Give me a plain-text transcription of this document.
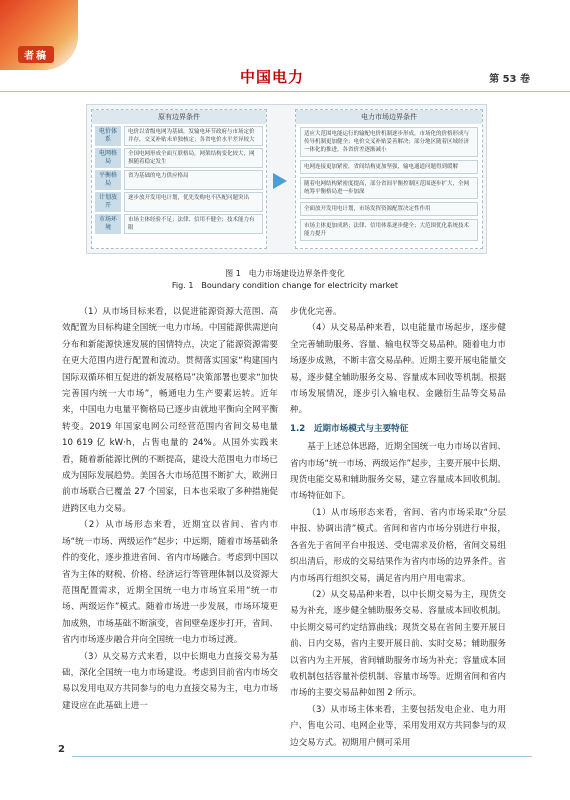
者稿
中国电力	第 53 卷
原有边界条件
电价体系
电价以省级电网为基础，发输电环节政府与市场定价并存，交叉补贴未单独核定；各省电价水平差异较大
电网格局
全国电网形成全面互联格局，网架结构变化较大，网损随着稳定发生
平衡格局
省为基础的电力供应格局
计划放开
逐步放开发用电计划，优先发购电不匹配问题突出
市场环境
市场主体经验不足；法律、信用不健全；技术能力有限
电力市场边界条件
适应大范围电能运行的输配电价机制逐步形成，市场化的价格形成与传导机制更加健全；电价交叉补贴妥善解决；部分地区随着区域经济一体化的推进，各省价差逐渐减小
电网连接更加紧密，省间结构更加坚强，输电通道问题得到缓解
随着电网结构紧密度提高，部分省间平衡控制区范围逐步扩大，全网统筹平衡格局进一步加深
全面放开发用电计划，市场发挥资源配置决定性作用
市场主体更加成熟；法律、信用体系逐步健全；大范围优化系统技术能力提升
图 1　电力市场建设边界条件变化
Fig. 1　Boundary condition change for electricity market

（1）从市场目标来看，以促进能源资源大范围、高效配置为目标构建全国统一电力市场。中国能源供需逆向分布和新能源快速发展的国情特点，决定了能源资源需要在更大范围内进行配置和流动。贯彻落实国家“构建国内国际双循环相互促进的新发展格局”决策部署也要求“加快完善国内统一大市场”，畅通电力生产要素运转。近年来，中国电力电量平衡格局已逐步由就地平衡向全网平衡转变。2019 年国家电网公司经营范围内省间交易电量 10 619 亿 kW·h，占售电量的 24%。从国外实践来看，随着新能源比例的不断提高，建设大范围电力市场已成为国际发展趋势。美国各大市场范围不断扩大，欧洲日前市场联合已覆盖 27 个国家，日本也采取了多种措施促进跨区电力交易。

（2）从市场形态来看，近期宜以省间、省内市场“统一市场、两级运作”起步；中远期，随着市场基础条件的变化，逐步推进省间、省内市场融合。考虑到中国以省为主体的财税、价格、经济运行等管理体制以及资源大范围配置需求，近期全国统一电力市场宜采用“统一市场、两级运作”模式。随着市场进一步发展，市场环境更加成熟，市场基础不断演变，省间壁垒逐步打开，省间、省内市场逐步融合并向全国统一电力市场过渡。

（3）从交易方式来看，以中长期电力直接交易为基础，深化全国统一电力市场建设。考虑到目前省内市场交易以发用电双方共同参与的电力直接交易为主，电力市场建设应在此基础上进一

步优化完善。

（4）从交易品种来看，以电能量市场起步，逐步健全完善辅助服务、容量、输电权等交易品种。随着电力市场逐步成熟，不断丰富交易品种。近期主要开展电能量交易，逐步健全辅助服务交易、容量成本回收等机制。根据市场发展情况，逐步引入输电权、金融衍生品等交易品种。

1.2　近期市场模式与主要特征

基于上述总体思路，近期全国统一电力市场以省间、省内市场“统一市场、两级运作”起步，主要开展中长期、现货电能交易和辅助服务交易，建立容量成本回收机制。市场特征如下。

（1）从市场形态来看，省间、省内市场采取“分层申报、协调出清”模式。省间和省内市场分别进行申报，各省先于省间平台申报送、受电需求及价格，省间交易组织出清后，形成的交易结果作为省内市场的边界条件。省内市场再行组织交易，满足省内用户用电需求。

（2）从交易品种来看，以中长期交易为主，现货交易为补充，逐步健全辅助服务交易、容量成本回收机制。中长期交易可约定结算曲线；现货交易在省间主要开展日前、日内交易，省内主要开展日前、实时交易；辅助服务以省内为主开展，省间辅助服务市场为补充；容量成本回收机制包括容量补偿机制、容量市场等。近期省间和省内市场的主要交易品种如图 2 所示。

（3）从市场主体来看，主要包括发电企业、电力用户、售电公司、电网企业等，采用发用双方共同参与的双边交易方式。初期用户侧可采用

2
